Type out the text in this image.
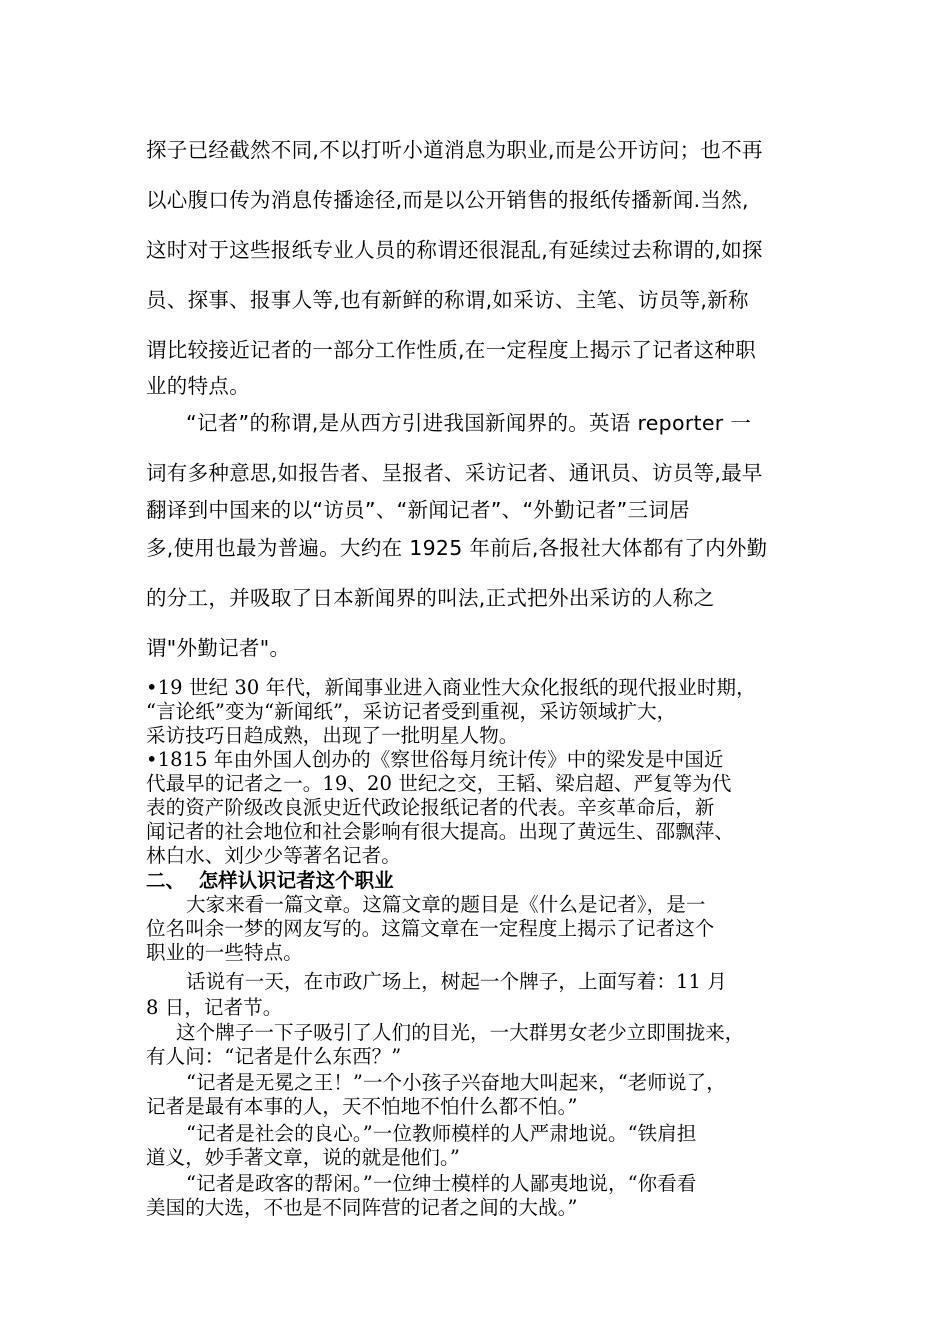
探子已经截然不同,不以打听小道消息为职业,而是公开访问；也不再

以心腹口传为消息传播途径,而是以公开销售的报纸传播新闻.当然,

这时对于这些报纸专业人员的称谓还很混乱,有延续过去称谓的,如探

员、探事、报事人等,也有新鲜的称谓,如采访、主笔、访员等,新称

谓比较接近记者的一部分工作性质,在一定程度上揭示了记者这种职

业的特点。

“记者”的称谓,是从西方引进我国新闻界的。英语 reporter 一

词有多种意思,如报告者、呈报者、采访记者、通讯员、访员等,最早

翻译到中国来的以“访员”、“新闻记者”、“外勤记者”三词居

多,使用也最为普遍。大约在 1925 年前后,各报社大体都有了内外勤

的分工，并吸取了日本新闻界的叫法,正式把外出采访的人称之

谓"外勤记者"。

•19 世纪 30 年代，新闻事业进入商业性大众化报纸的现代报业时期，

“言论纸”变为“新闻纸”，采访记者受到重视，采访领域扩大，

采访技巧日趋成熟，出现了一批明星人物。

•1815 年由外国人创办的《察世俗每月统计传》中的梁发是中国近

代最早的记者之一。19、20 世纪之交，王韬、梁启超、严复等为代

表的资产阶级改良派史近代政论报纸记者的代表。辛亥革命后，新

闻记者的社会地位和社会影响有很大提高。出现了黄远生、邵飘萍、

林白水、刘少少等著名记者。

二、  怎样认识记者这个职业

大家来看一篇文章。这篇文章的题目是《什么是记者》，是一

位名叫余一梦的网友写的。这篇文章在一定程度上揭示了记者这个

职业的一些特点。

话说有一天，在市政广场上，树起一个牌子，上面写着：11 月

8 日，记者节。

这个牌子一下子吸引了人们的目光，一大群男女老少立即围拢来，

有人问：“记者是什么东西？”

“记者是无冕之王！”一个小孩子兴奋地大叫起来，“老师说了，

记者是最有本事的人，天不怕地不怕什么都不怕。”

“记者是社会的良心。”一位教师模样的人严肃地说。“铁肩担

道义，妙手著文章，说的就是他们。”

“记者是政客的帮闲。”一位绅士模样的人鄙夷地说，“你看看

美国的大选，不也是不同阵营的记者之间的大战。”
